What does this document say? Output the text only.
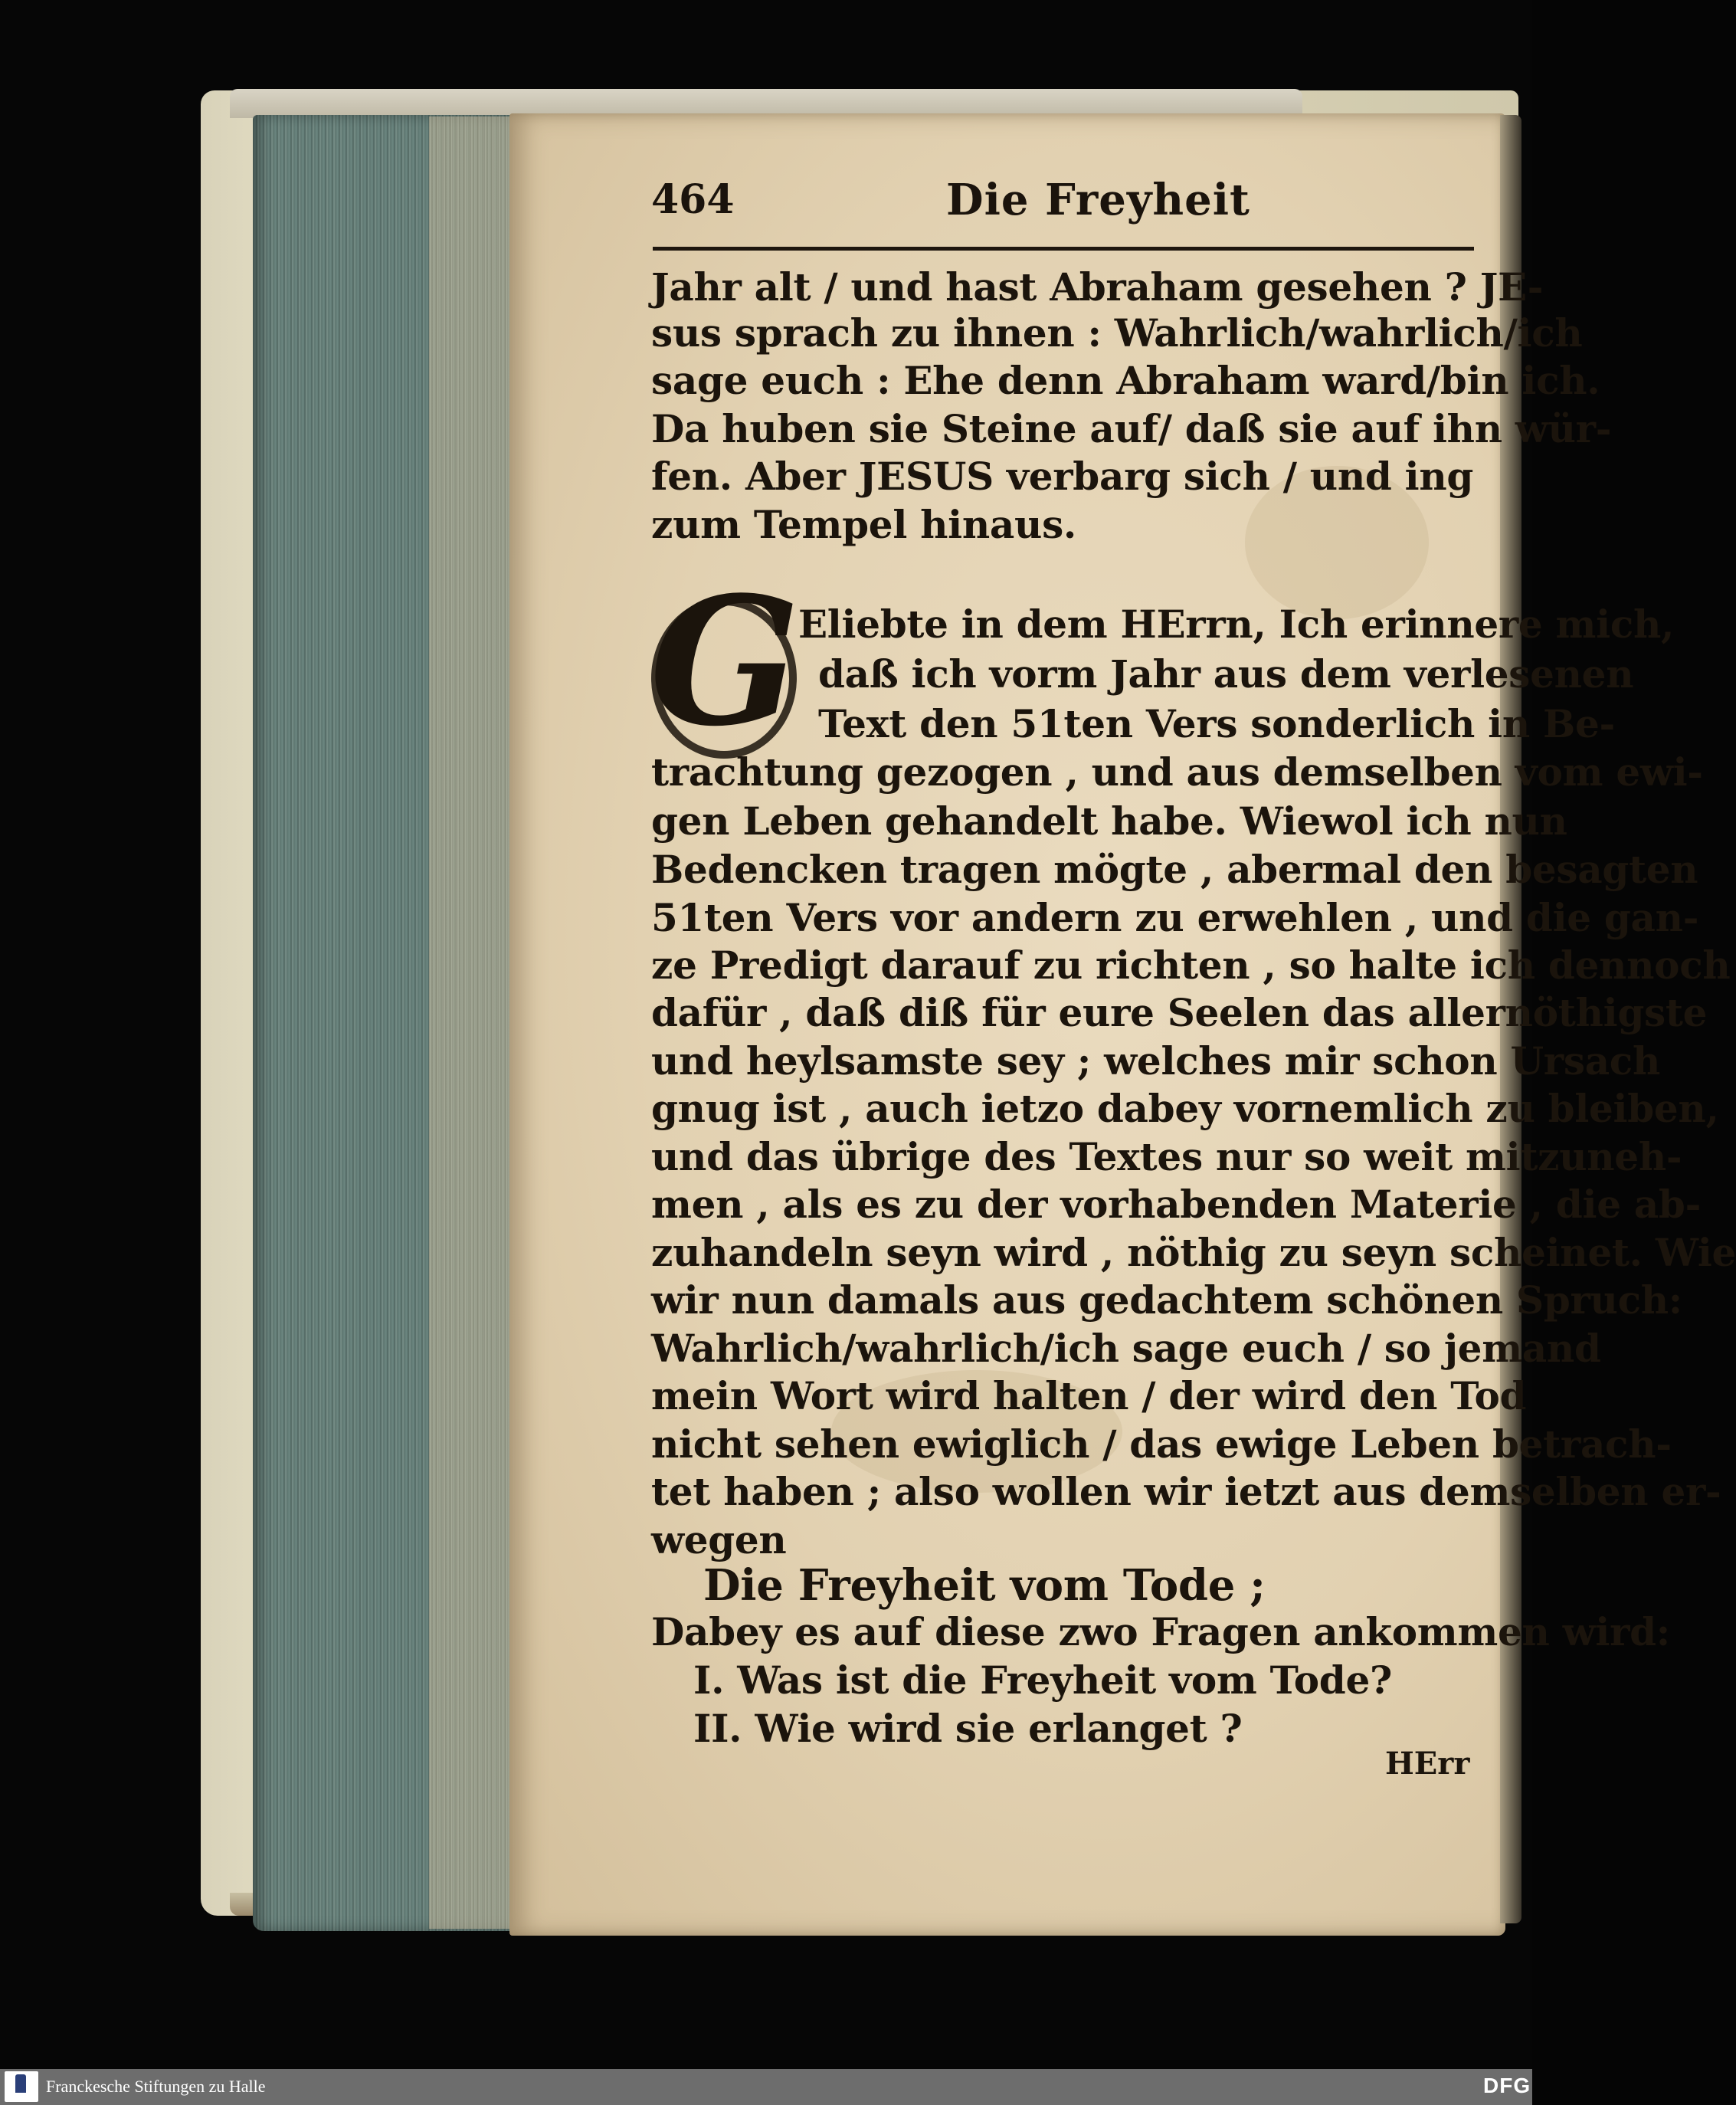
464	Die Freyheit
Jahr alt / und hast Abraham gesehen ? JE-
sus sprach zu ihnen : Wahrlich/wahrlich/ich
sage euch : Ehe denn Abraham ward/bin ich.
Da huben sie Steine auf/ daß sie auf ihn wür-
fen. Aber JESUS verbarg sich / und ing
zum Tempel hinaus.
G
Eliebte in dem HErrn, Ich erinnere mich,
daß ich vorm Jahr aus dem verlesenen
Text den 51ten Vers sonderlich in Be-
trachtung gezogen , und aus demselben vom ewi-
gen Leben gehandelt habe. Wiewol ich nun
Bedencken tragen mögte , abermal den besagten
51ten Vers vor andern zu erwehlen , und die gan-
ze Predigt darauf zu richten , so halte ich dennoch
dafür , daß diß für eure Seelen das allernöthigste
und heylsamste sey ; welches mir schon Ursach
gnug ist , auch ietzo dabey vornemlich zu bleiben,
und das übrige des Textes nur so weit mitzuneh-
men , als es zu der vorhabenden Materie , die ab-
zuhandeln seyn wird , nöthig zu seyn scheinet. Wie
wir nun damals aus gedachtem schönen Spruch:
Wahrlich/wahrlich/ich sage euch / so jemand
mein Wort wird halten / der wird den Tod
nicht sehen ewiglich / das ewige Leben betrach-
tet haben ; also wollen wir ietzt aus demselben er-
wegen
Die Freyheit vom Tode ;
Dabey es auf diese zwo Fragen ankommen wird:
I. Was ist die Freyheit vom Tode?
II. Wie wird sie erlanget ?
HErr
Franckesche Stiftungen zu Halle	DFG
